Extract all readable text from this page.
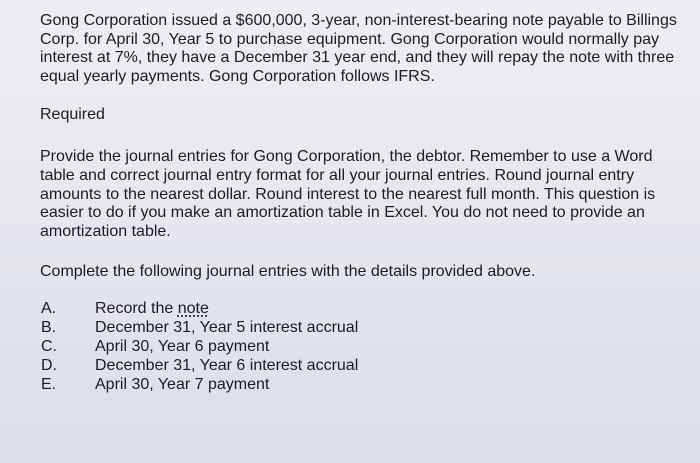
Gong Corporation issued a $600,000, 3-year, non-interest-bearing note payable to Billings Corp. for April 30, Year 5 to purchase equipment. Gong Corporation would normally pay interest at 7%, they have a December 31 year end, and they will repay the note with three equal yearly payments. Gong Corporation follows IFRS.

Required

Provide the journal entries for Gong Corporation, the debtor. Remember to use a Word table and correct journal entry format for all your journal entries. Round journal entry amounts to the nearest dollar. Round interest to the nearest full month. This question is easier to do if you make an amortization table in Excel. You do not need to provide an amortization table.

Complete the following journal entries with the details provided above.

A.	Record the note
B.	December 31, Year 5 interest accrual
C.	April 30, Year 6 payment
D.	December 31, Year 6 interest accrual
E.	April 30, Year 7 payment
